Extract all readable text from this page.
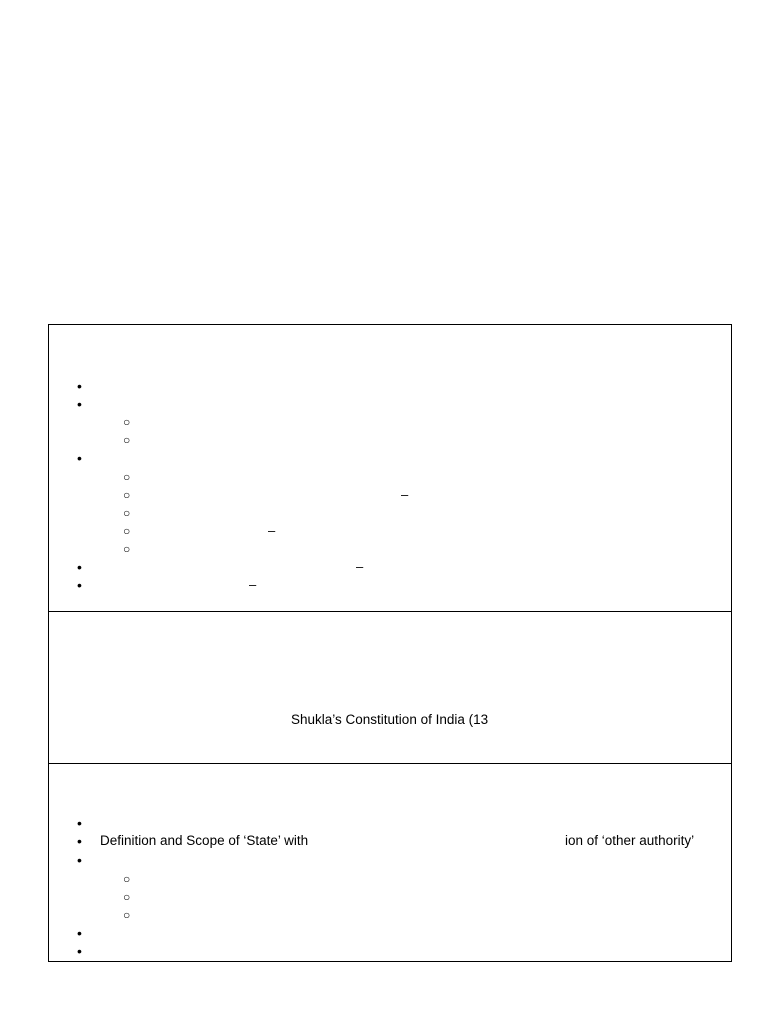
•
•
○
○
•
○
○	–
○
○	–
○
•	–
•	–
Shukla’s Constitution of India (13
•
• Definition and Scope of ‘State’ with	ion of ‘other authority’
•
○
○
○
•
•
